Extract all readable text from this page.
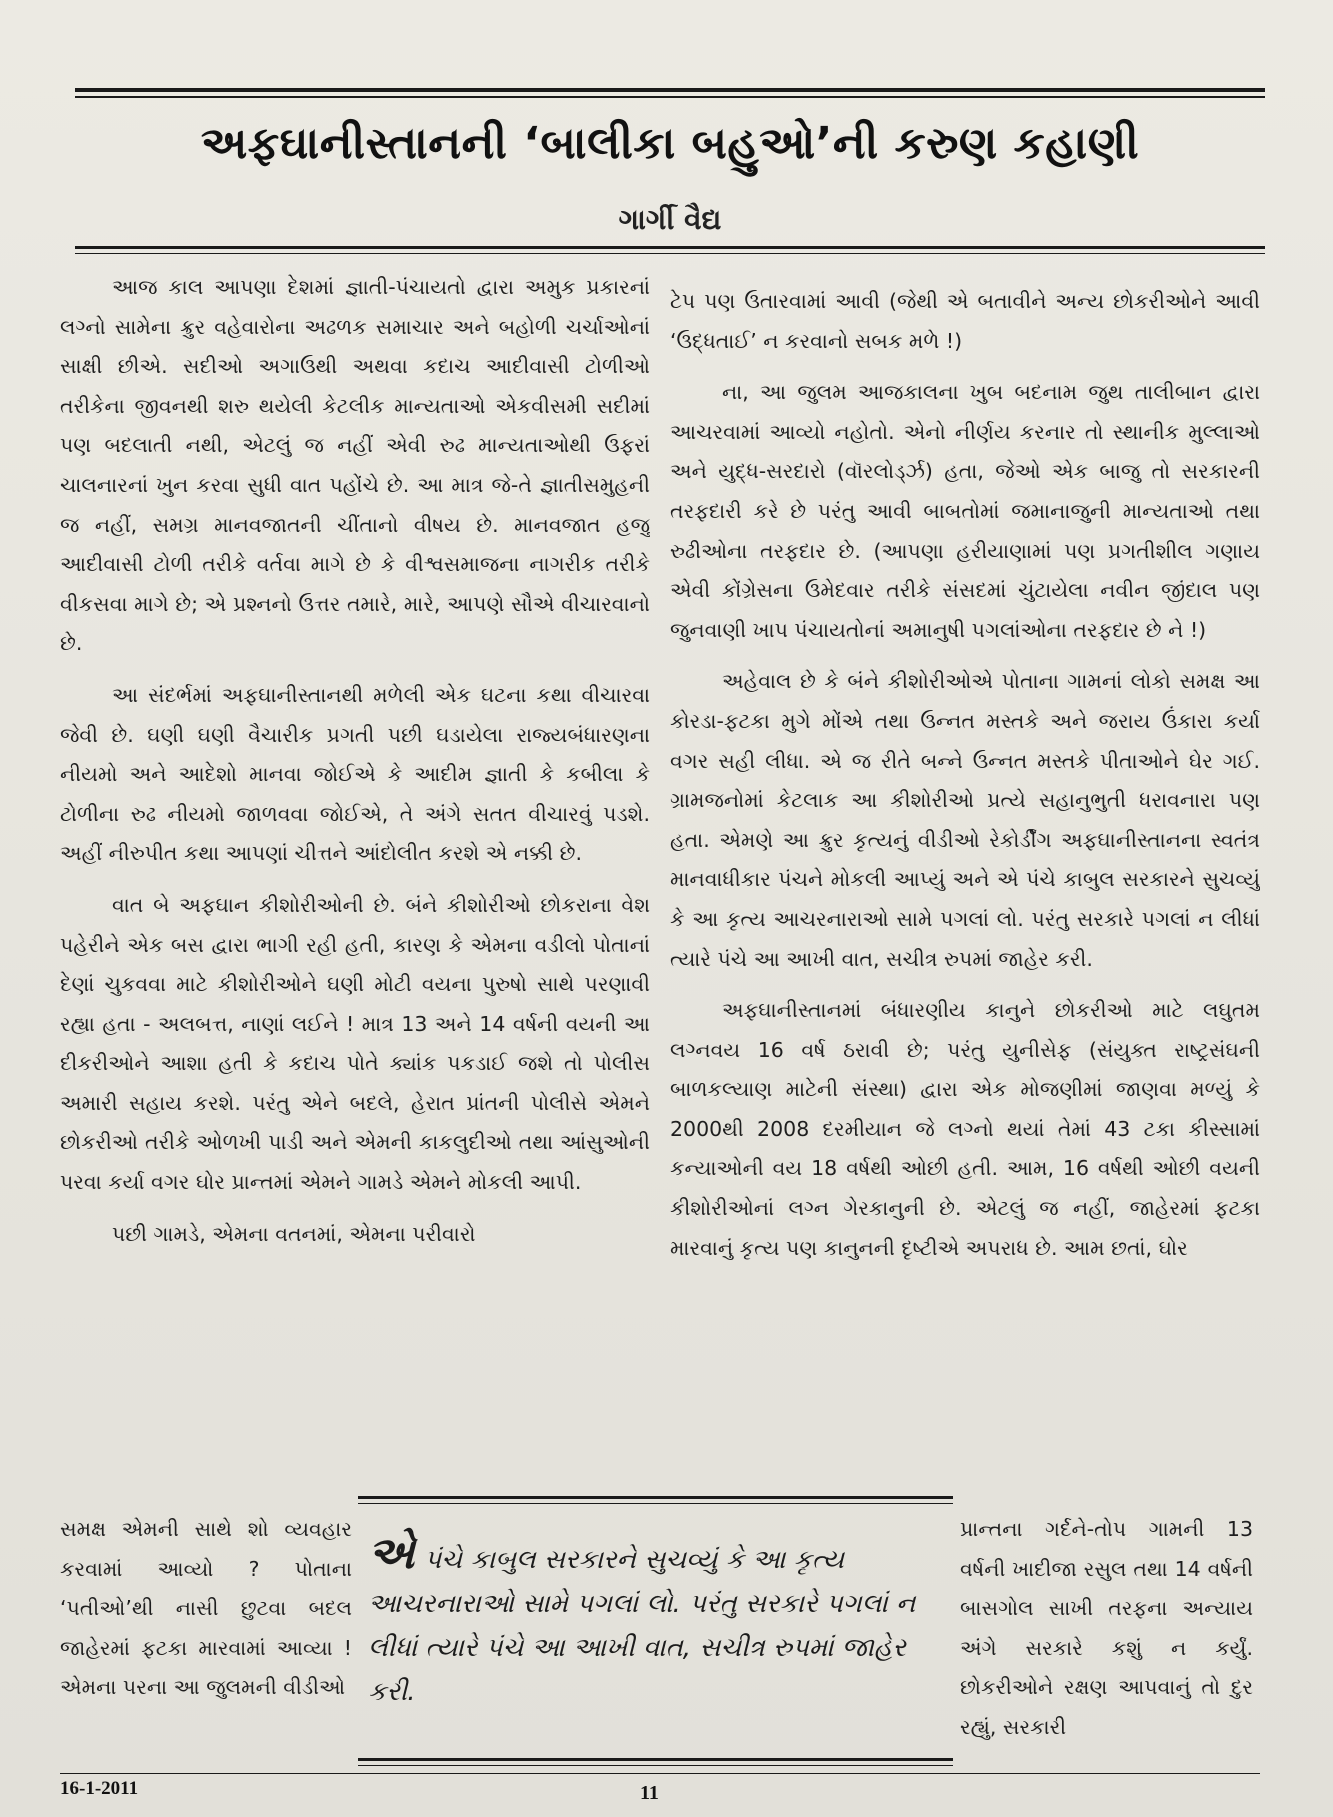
અફઘાનીસ્તાનની ‘બાલીકા બહુઓ’ની કરુણ કહાણી
ગાર્ગી વૈદ્ય

આજ કાલ આપણા દેશમાં જ્ઞાતી-પંચાયતો દ્વારા અમુક પ્રકારનાં લગ્નો સામેના ક્રુર વહેવારોના અઢળક સમાચાર અને બહોળી ચર્ચાઓનાં સાક્ષી છીએ. સદીઓ અગાઉથી અથવા કદાચ આદીવાસી ટોળીઓ તરીકેના જીવનથી શરુ થયેલી કેટલીક માન્યતાઓ એકવીસમી સદીમાં પણ બદલાતી નથી, એટલું જ નહીં એવી રુઢ માન્યતાઓથી ઉફરાં ચાલનારનાં ખુન કરવા સુધી વાત પહોંચે છે. આ માત્ર જે-તે જ્ઞાતીસમુહની જ નહીં, સમગ્ર માનવજાતની ચીંતાનો વીષય છે. માનવજાત હજુ આદીવાસી ટોળી તરીકે વર્તવા માગે છે કે વીશ્વસમાજના નાગરીક તરીકે વીકસવા માગે છે; એ પ્રશ્નનો ઉત્તર તમારે, મારે, આપણે સૌએ વીચારવાનો છે.

આ સંદર્ભમાં અફઘાનીસ્તાનથી મળેલી એક ઘટના કથા વીચારવા જેવી છે. ઘણી ઘણી વૈચારીક પ્રગતી પછી ઘડાયેલા રાજ્યબંધારણના નીયમો અને આદેશો માનવા જોઈએ કે આદીમ જ્ઞાતી કે કબીલા કે ટોળીના રુઢ નીયમો જાળવવા જોઈએ, તે અંગે સતત વીચારવું પડશે. અહીં નીરુપીત કથા આપણાં ચીત્તને આંદોલીત કરશે એ નક્કી છે.

વાત બે અફઘાન કીશોરીઓની છે. બંને કીશોરીઓ છોકરાના વેશ પહેરીને એક બસ દ્વારા ભાગી રહી હતી, કારણ કે એમના વડીલો પોતાનાં દેણાં ચુકવવા માટે કીશોરીઓને ઘણી મોટી વયના પુરુષો સાથે પરણાવી રહ્યા હતા - અલબત્ત, નાણાં લઈને ! માત્ર 13 અને 14 વર્ષની વયની આ દીકરીઓને આશા હતી કે કદાચ પોતે ક્યાંક પકડાઈ જશે તો પોલીસ અમારી સહાય કરશે. પરંતુ એને બદલે, હેરાત પ્રાંતની પોલીસે એમને છોકરીઓ તરીકે ઓળખી પાડી અને એમની કાકલુદીઓ તથા આંસુઓની પરવા કર્યા વગર ઘોર પ્રાન્તમાં એમને ગામડે એમને મોકલી આપી.

પછી ગામડે, એમના વતનમાં, એમના પરીવારો

ટેપ પણ ઉતારવામાં આવી (જેથી એ બતાવીને અન્ય છોકરીઓને આવી ‘ઉદ્ધતાઈ’ ન કરવાનો સબક મળે !)

ના, આ જુલમ આજકાલના ખુબ બદનામ જુથ તાલીબાન દ્વારા આચરવામાં આવ્યો નહોતો. એનો નીર્ણય કરનાર તો સ્થાનીક મુલ્લાઓ અને યુદ્ધ-સરદારો (વૉરલોર્ડ્ઝ) હતા, જેઓ એક બાજુ તો સરકારની તરફદારી કરે છે પરંતુ આવી બાબતોમાં જમાનાજુની માન્યતાઓ તથા રુઢીઓના તરફદાર છે. (આપણા હરીયાણામાં પણ પ્રગતીશીલ ગણાય એવી કોંગ્રેસના ઉમેદવાર તરીકે સંસદમાં ચુંટાયેલા નવીન જીંદાલ પણ જુનવાણી ખાપ પંચાયતોનાં અમાનુષી પગલાંઓના તરફદાર છે ને !)

અહેવાલ છે કે બંને કીશોરીઓએ પોતાના ગામનાં લોકો સમક્ષ આ કોરડા-ફટકા મુગે મોંએ તથા ઉન્નત મસ્તકે અને જરાય ઉંકારા કર્યા વગર સહી લીધા. એ જ રીતે બન્ને ઉન્નત મસ્તકે પીતાઓને ઘેર ગઈ. ગ્રામજનોમાં કેટલાક આ કીશોરીઓ પ્રત્યે સહાનુભુતી ધરાવનારા પણ હતા. એમણે આ ક્રુર કૃત્યનું વીડીઓ રેકોર્ડીંગ અફઘાનીસ્તાનના સ્વતંત્ર માનવાધીકાર પંચને મોકલી આપ્યું અને એ પંચે કાબુલ સરકારને સુચવ્યું કે આ કૃત્ય આચરનારાઓ સામે પગલાં લો. પરંતુ સરકારે પગલાં ન લીધાં ત્યારે પંચે આ આખી વાત, સચીત્ર રુપમાં જાહેર કરી.

અફઘાનીસ્તાનમાં બંધારણીય કાનુને છોકરીઓ માટે લઘુતમ લગ્નવય 16 વર્ષ ઠરાવી છે; પરંતુ યુનીસેફ (સંયુક્ત રાષ્ટ્રસંઘની બાળકલ્યાણ માટેની સંસ્થા) દ્વારા એક મોજણીમાં જાણવા મળ્યું કે 2000થી 2008 દરમીયાન જે લગ્નો થયાં તેમાં 43 ટકા કીસ્સામાં કન્યાઓની વય 18 વર્ષથી ઓછી હતી. આમ, 16 વર્ષથી ઓછી વયની કીશોરીઓનાં લગ્ન ગેરકાનુની છે. એટલું જ નહીં, જાહેરમાં ફટકા મારવાનું કૃત્ય પણ કાનુનની દૃષ્ટીએ અપરાધ છે. આમ છતાં, ઘોર

સમક્ષ એમની સાથે શો વ્યવહાર કરવામાં આવ્યો ? પોતાના ‘પતીઓ’થી નાસી છુટવા બદલ જાહેરમાં ફટકા મારવામાં આવ્યા ! એમના પરના આ જુલમની વીડીઓ

એપંચે કાબુલ સરકારને સુચવ્યું કે આ કૃત્ય આચરનારાઓ સામે પગલાં લો. પરંતુ સરકારે પગલાં ન લીધાં ત્યારે પંચે આ આખી વાત, સચીત્ર રુપમાં જાહેર કરી.

પ્રાન્તના ગર્દને-તોપ ગામની 13 વર્ષની ખાદીજા રસુલ તથા 14 વર્ષની બાસગોલ સાખી તરફના અન્યાય અંગે સરકારે કશું ન કર્યું. છોકરીઓને રક્ષણ આપવાનું તો દુર રહ્યું, સરકારી

16-1-2011	11
